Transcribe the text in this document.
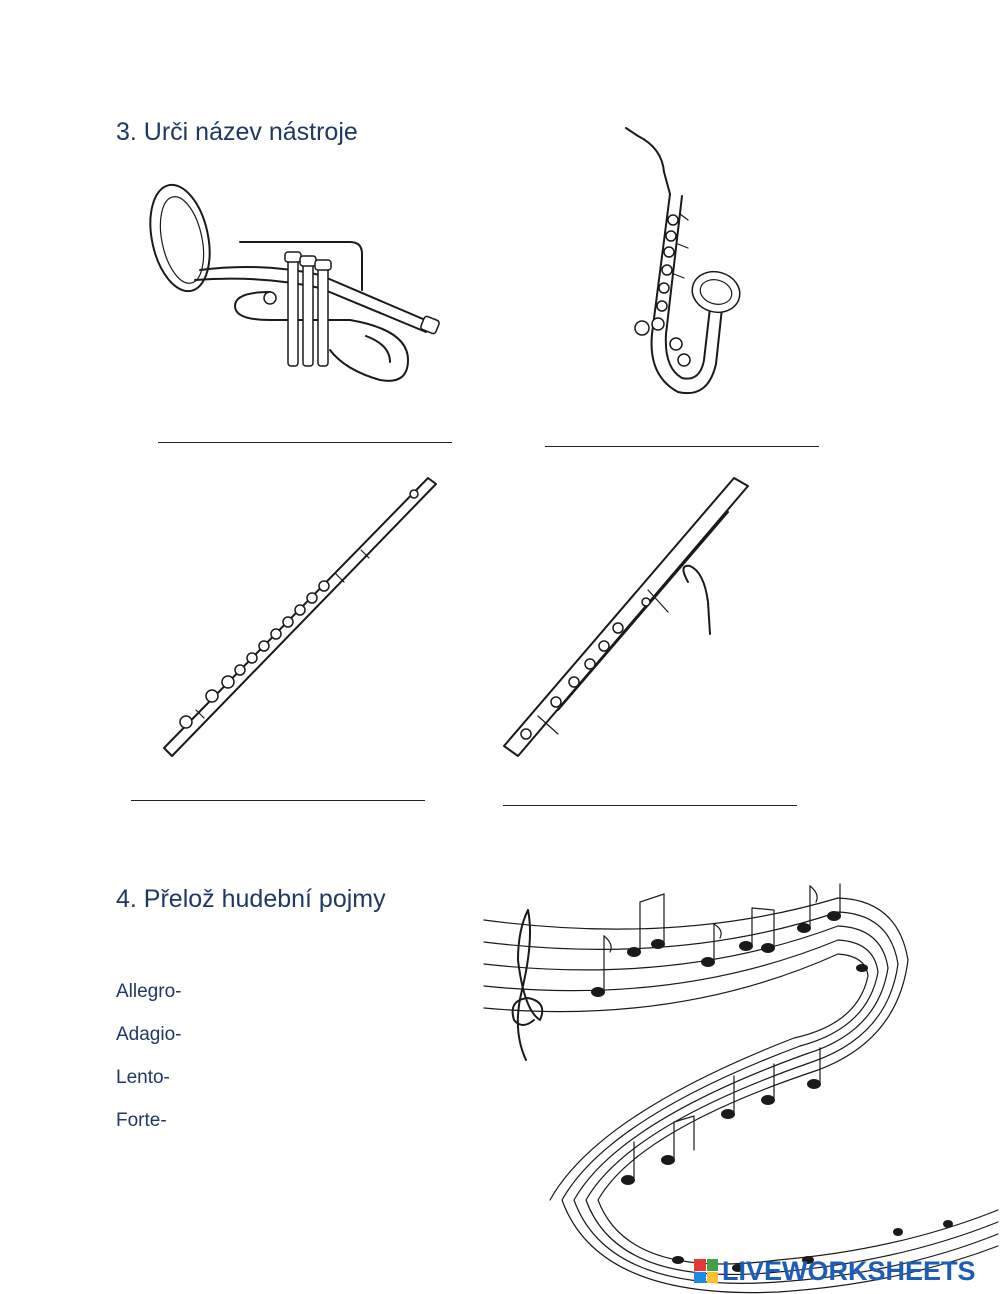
3. Urči název nástroje
4. Přelož hudební pojmy

Allegro-

Adagio-

Lento-

Forte-

LIVEWORKSHEETS
